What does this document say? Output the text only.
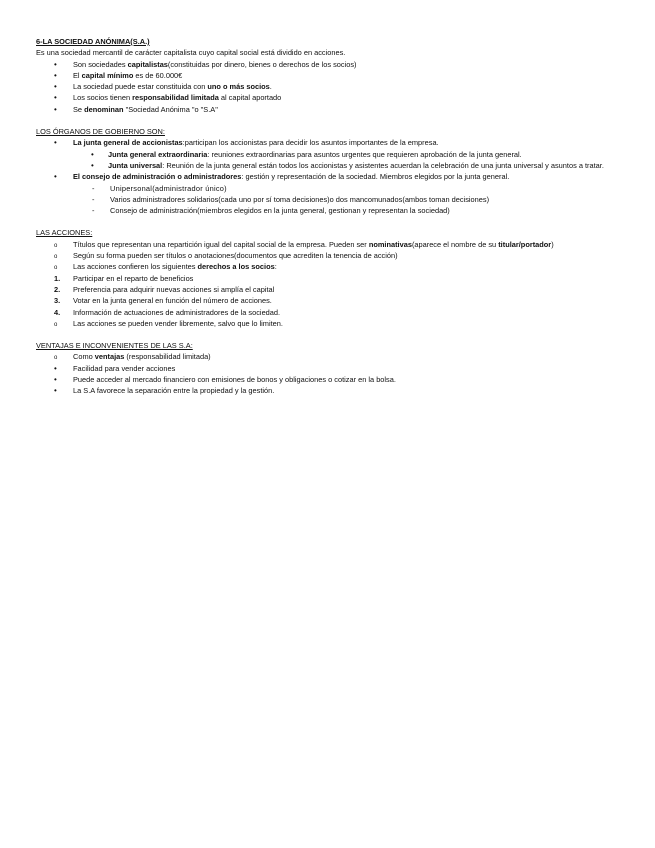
6-LA SOCIEDAD ANÓNIMA(S.A.)

Es una sociedad mercantil de carácter capitalista cuyo capital social está dividido en acciones.

•
Son sociedades capitalistas(constituidas por dinero, bienes o derechos de los socios)
•
El capital mínimo es de 60.000€
•
La sociedad puede estar constituida con uno o más socios.
•
Los socios tienen responsabilidad limitada al capital aportado
•
Se denominan "Sociedad Anónima "o "S.A"

LOS ÓRGANOS DE GOBIERNO SON:

•
La junta general de accionistas:participan los accionistas para decidir los asuntos importantes de la empresa.
•
Junta general extraordinaria: reuniones extraordinarias para asuntos urgentes que requieren aprobación de la junta general.
•
Junta universal: Reunión de la junta general están todos los accionistas y asistentes acuerdan la celebración de una junta universal y asuntos a tratar.
•
El consejo de administración o administradores: gestión y representación de la sociedad. Miembros elegidos por la junta general.
-
Unipersonal(administrador único)
-
Varios administradores solidarios(cada uno por sí toma decisiones)o dos mancomunados(ambos toman decisiones)
-
Consejo de administración(miembros elegidos en la junta general, gestionan y representan la sociedad)

LAS ACCIONES:

o
Títulos que representan una repartición igual del capital social de la empresa. Pueden ser nominativas(aparece el nombre de su titular/portador)
o
Según su forma pueden ser títulos o anotaciones(documentos que acrediten la tenencia de acción)
o
Las acciones confieren los siguientes derechos a los socios:
1.	Participar en el reparto de beneficios
2.	Preferencia para adquirir nuevas acciones si amplía el capital
3.	Votar en la junta general en función del número de acciones.
4.	Información de actuaciones de administradores de la sociedad.
o
Las acciones se pueden vender libremente, salvo que lo limiten.

VENTAJAS E INCONVENIENTES DE LAS S.A:

o
Como ventajas (responsabilidad limitada)
•
Facilidad para vender acciones
•
Puede acceder al mercado financiero con emisiones de bonos y obligaciones o cotizar en la bolsa.
•
La S.A favorece la separación entre la propiedad y la gestión.
